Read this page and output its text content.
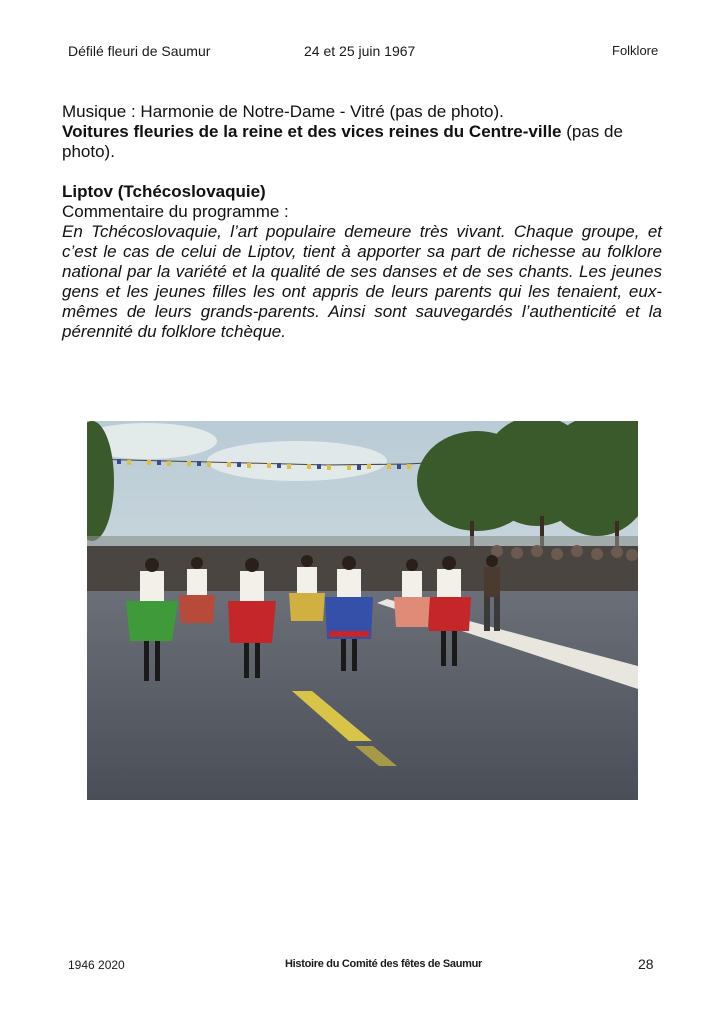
Défilé fleuri de Saumur	24 et 25 juin 1967	Folklore

Musique : Harmonie de Notre-Dame - Vitré (pas de photo).

Voitures fleuries de la reine et des vices reines du Centre-ville (pas de photo).

Liptov (Tchécoslovaquie)

Commentaire du programme :

En Tchécoslovaquie, l’art populaire demeure très vivant. Chaque groupe, et c’est le cas de celui de Liptov, tient à apporter sa part de richesse au folklore national par la variété et la qualité de ses danses et de ses chants. Les jeunes gens et les jeunes filles les ont appris de leurs parents qui les tenaient, eux-mêmes de leurs grands-parents. Ainsi sont sauvegardés l’authenticité et la pérennité du folklore tchèque.

1946 2020	Histoire du Comité des fêtes de Saumur	28
